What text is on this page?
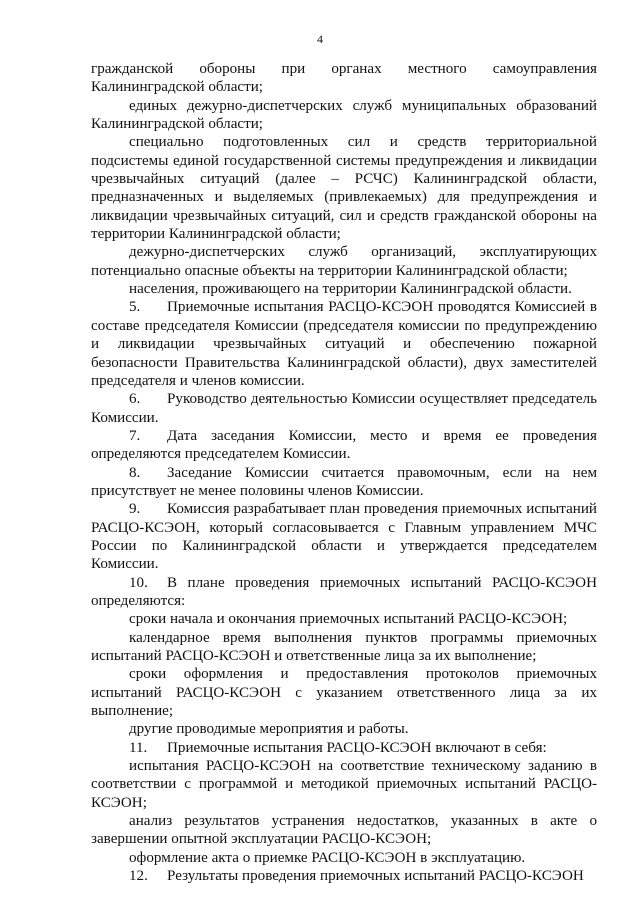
4

гражданской обороны при органах местного самоуправления Калининградской области;

единых дежурно-диспетчерских служб муниципальных образований Калининградской области;

специально подготовленных сил и средств территориальной подсистемы единой государственной системы предупреждения и ликвидации чрезвычайных ситуаций (далее – РСЧС) Калининградской области, предназначенных и выделяемых (привлекаемых) для предупреждения и ликвидации чрезвычайных ситуаций, сил и средств гражданской обороны на территории Калининградской области;

дежурно-диспетчерских служб организаций, эксплуатирующих потенциально опасные объекты на территории Калининградской области;

населения, проживающего на территории Калининградской области.

5. Приемочные испытания РАСЦО-КСЭОН проводятся Комиссией в составе председателя Комиссии (председателя комиссии по предупреждению и ликвидации чрезвычайных ситуаций и обеспечению пожарной безопасности Правительства Калининградской области), двух заместителей председателя и членов комиссии.

6. Руководство деятельностью Комиссии осуществляет председатель Комиссии.

7. Дата заседания Комиссии, место и время ее проведения определяются председателем Комиссии.

8. Заседание Комиссии считается правомочным, если на нем присутствует не менее половины членов Комиссии.

9. Комиссия разрабатывает план проведения приемочных испытаний РАСЦО-КСЭОН, который согласовывается с Главным управлением МЧС России по Калининградской области и утверждается председателем Комиссии.

10. В плане проведения приемочных испытаний РАСЦО-КСЭОН определяются:

сроки начала и окончания приемочных испытаний РАСЦО-КСЭОН;

календарное время выполнения пунктов программы приемочных испытаний РАСЦО-КСЭОН и ответственные лица за их выполнение;

сроки оформления и предоставления протоколов приемочных испытаний РАСЦО-КСЭОН с указанием ответственного лица за их выполнение;

другие проводимые мероприятия и работы.

11. Приемочные испытания РАСЦО-КСЭОН включают в себя:

испытания РАСЦО-КСЭОН на соответствие техническому заданию в соответствии с программой и методикой приемочных испытаний РАСЦО-КСЭОН;

анализ результатов устранения недостатков, указанных в акте о завершении опытной эксплуатации РАСЦО-КСЭОН;

оформление акта о приемке РАСЦО-КСЭОН в эксплуатацию.

12. Результаты проведения приемочных испытаний РАСЦО-КСЭОН
